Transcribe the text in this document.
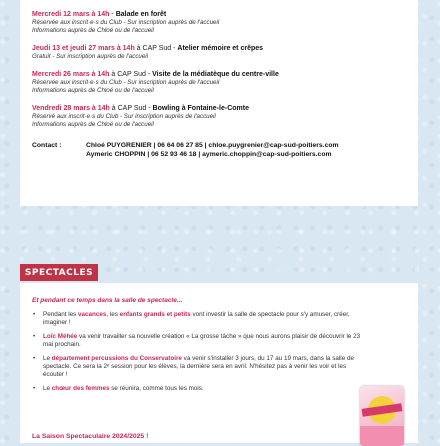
Mercredi 12 mars à 14h - Balade en forêt
Réservée aux inscrit·e·s du Club - Sur inscription auprès de l'accueil
Informations auprès de Chloé ou de l'accueil
Jeudi 13 et jeudi 27 mars à 14h à CAP Sud - Atelier mémoire et crêpes
Gratuit - Sur inscription auprès de l'accueil
Mercredi 26 mars à 14h à CAP Sud - Visite de la médiatèque du centre-ville
Réservée aux inscrit·e·s du Club - Sur inscription auprès de l'accueil
Informations auprès de Chloé ou de l'accueil
Vendredi 28 mars à 14h à CAP Sud - Bowling à Fontaine-le-Comte
Réservé aux inscrit·e·s du Club - Sur inscription auprès de l'accueil
Informations auprès de Chloé ou de l'accueil
Contact :	Chloé PUYGRENIER | 06 64 06 27 85 | chloe.puygrenier@cap-sud-poitiers.com
Aymeric CHOPPIN | 06 52 93 46 18 | aymeric.choppin@cap-sud-poitiers.com
SPECTACLES
Et pendant ce temps dans la salle de spectacle...
• Pendant les vacances, les enfants grands et petits vont investir la salle de spectacle pour s'y amuser, créer, imaginer !
• Loïc Méhée va venir travailler sa nouvelle création « La grosse tâche » que nous aurons plaisir de découvrir le 23 mai prochain.
• Le département percussions du Conservatoire va venir s'installer 3 jours, du 17 au 19 mars, dans la salle de spectacle. Ce sera la 2ᵉ session pour les élèves, la dernière sera en avril. N'hésitez pas à venir les voir et les écouter !
• Le chœur des femmes se réunira, comme tous les mois.
La Saison Spectaculaire 2024/2025 !
